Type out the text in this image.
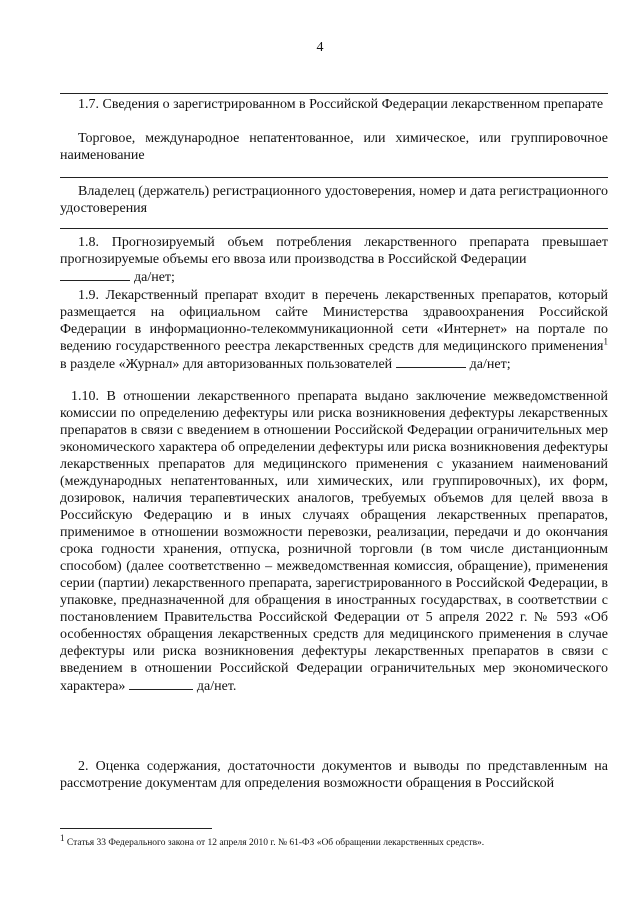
4
1.7. Сведения о зарегистрированном в Российской Федерации лекарственном препарате
Торговое, международное непатентованное, или химическое, или группировочное наименование
Владелец (держатель) регистрационного удостоверения, номер и дата регистрационного удостоверения
1.8. Прогнозируемый объем потребления лекарственного препарата превышает прогнозируемые объемы его ввоза или производства в Российской Федерации
да/нет;
1.9. Лекарственный препарат входит в перечень лекарственных препаратов, который размещается на официальном сайте Министерства здравоохранения Российской Федерации в информационно-телекоммуникационной сети «Интернет» на портале по ведению государственного реестра лекарственных средств для медицинского применения$^1$ в разделе «Журнал» для авторизованных пользователей	да/нет;
1.10. В отношении лекарственного препарата выдано заключение межведомственной комиссии по определению дефектуры или риска возникновения дефектуры лекарственных препаратов в связи с введением в отношении Российской Федерации ограничительных мер экономического характера об определении дефектуры или риска возникновения дефектуры лекарственных препаратов для медицинского применения с указанием наименований (международных непатентованных, или химических, или группировочных), их форм, дозировок, наличия терапевтических аналогов, требуемых объемов для целей ввоза в Российскую Федерацию и в иных случаях обращения лекарственных препаратов, применимое в отношении возможности перевозки, реализации, передачи и до окончания срока годности хранения, отпуска, розничной торговли (в том числе дистанционным способом) (далее соответственно – межведомственная комиссия, обращение), применения серии (партии) лекарственного препарата, зарегистрированного в Российской Федерации, в упаковке, предназначенной для обращения в иностранных государствах, в соответствии с постановлением Правительства Российской Федерации от 5 апреля 2022 г. № 593 «Об особенностях обращения лекарственных средств для медицинского применения в случае дефектуры или риска возникновения дефектуры лекарственных препаратов в связи с введением в отношении Российской Федерации ограничительных мер экономического характера»	да/нет.
2. Оценка содержания, достаточности документов и выводы по представленным на рассмотрение документам для определения возможности обращения в Российской
$^1$ Статья 33 Федерального закона от 12 апреля 2010 г. № 61-ФЗ «Об обращении лекарственных средств».
